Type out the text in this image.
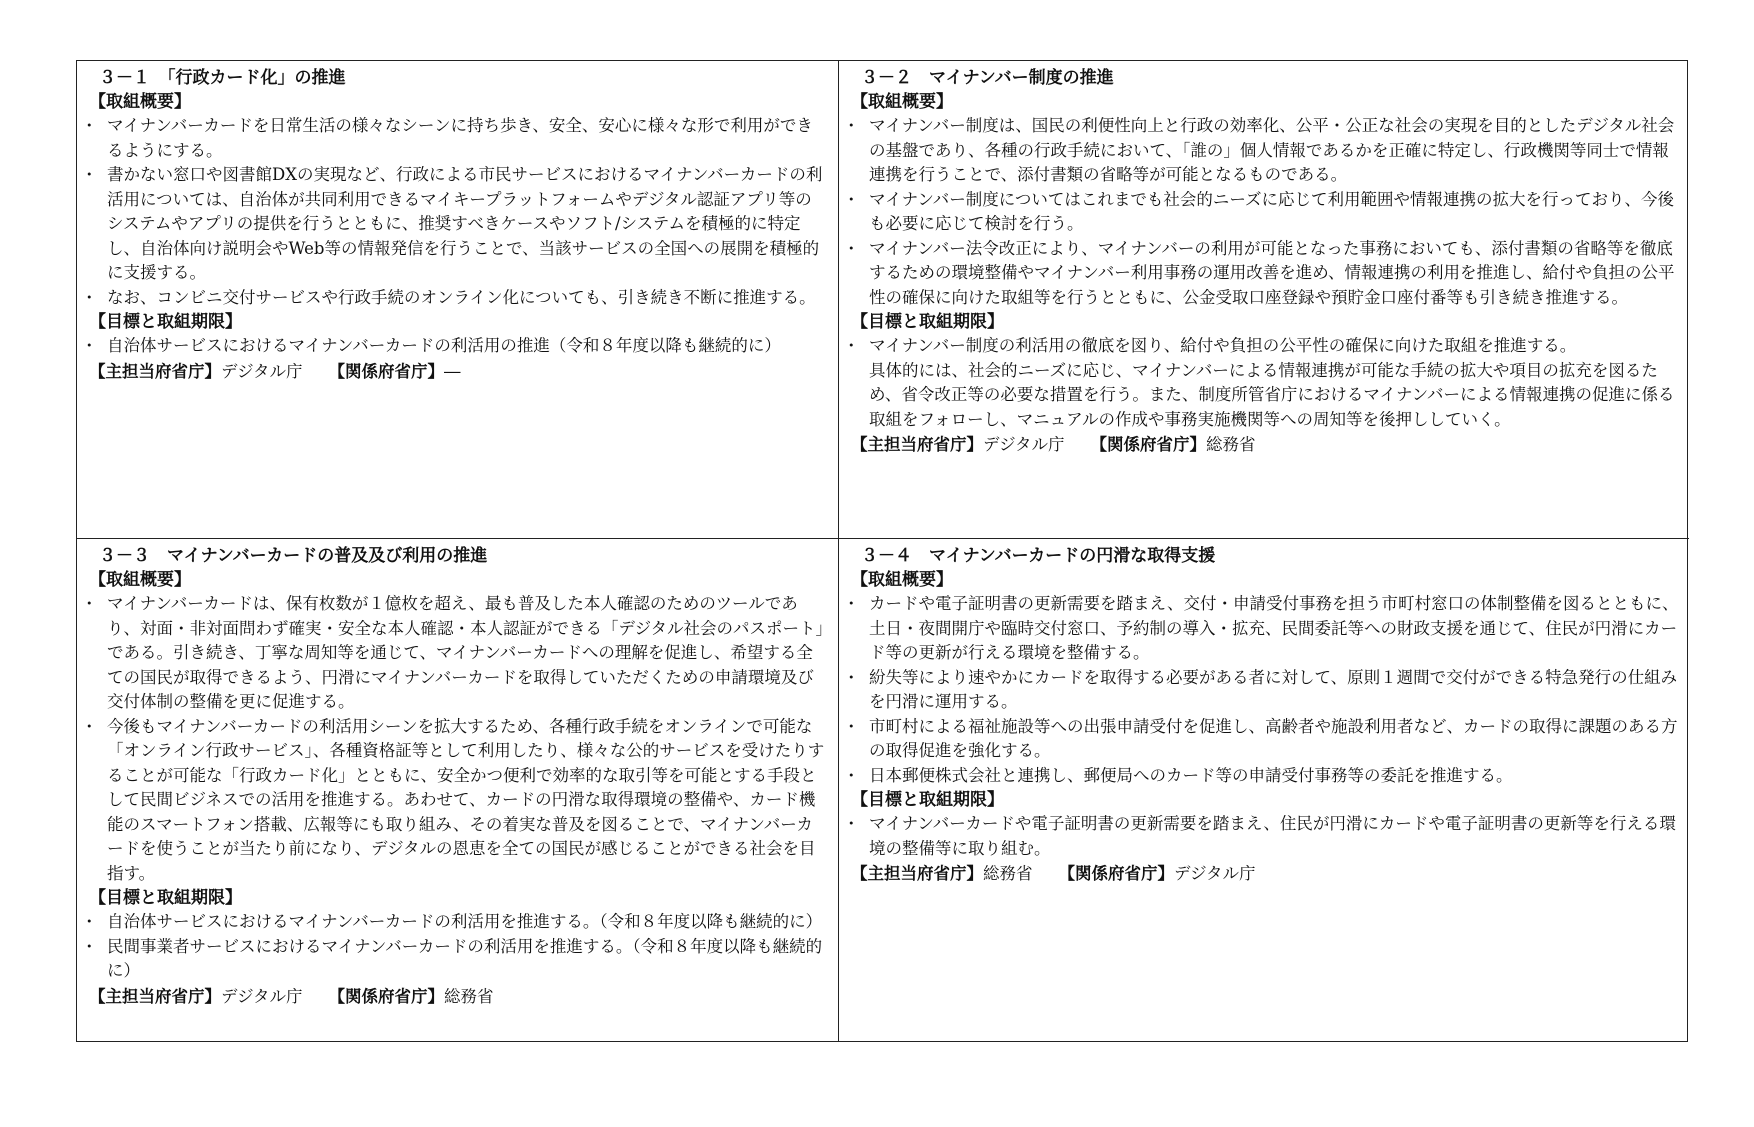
３－１　「行政カード化」の推進
【取組概要】
・ マイナンバーカードを日常生活の様々なシーンに持ち歩き、安全、安心に様々な形で利用ができるようにする。
・ 書かない窓口や図書館DXの実現など、行政による市民サービスにおけるマイナンバーカードの利活用については、自治体が共同利用できるマイキープラットフォームやデジタル認証アプリ等のシステムやアプリの提供を行うとともに、推奨すべきケースやソフト/システムを積極的に特定し、自治体向け説明会やWeb等の情報発信を行うことで、当該サービスの全国への展開を積極的に支援する。
・ なお、コンビニ交付サービスや行政手続のオンライン化についても、引き続き不断に推進する。
【目標と取組期限】
・ 自治体サービスにおけるマイナンバーカードの利活用の推進（令和８年度以降も継続的に）
【主担当府省庁】デジタル庁 【関係府省庁】―
３－２　マイナンバー制度の推進
【取組概要】
・ マイナンバー制度は、国民の利便性向上と行政の効率化、公平・公正な社会の実現を目的としたデジタル社会の基盤であり、各種の行政手続において、「誰の」個人情報であるかを正確に特定し、行政機関等同士で情報連携を行うことで、添付書類の省略等が可能となるものである。
・ マイナンバー制度についてはこれまでも社会的ニーズに応じて利用範囲や情報連携の拡大を行っており、今後も必要に応じて検討を行う。
・ マイナンバー法令改正により、マイナンバーの利用が可能となった事務においても、添付書類の省略等を徹底するための環境整備やマイナンバー利用事務の運用改善を進め、情報連携の利用を推進し、給付や負担の公平性の確保に向けた取組等を行うとともに、公金受取口座登録や預貯金口座付番等も引き続き推進する。
【目標と取組期限】
・ マイナンバー制度の利活用の徹底を図り、給付や負担の公平性の確保に向けた取組を推進する。
具体的には、社会的ニーズに応じ、マイナンバーによる情報連携が可能な手続の拡大や項目の拡充を図るため、省令改正等の必要な措置を行う。また、制度所管省庁におけるマイナンバーによる情報連携の促進に係る取組をフォローし、マニュアルの作成や事務実施機関等への周知等を後押ししていく。
【主担当府省庁】デジタル庁 【関係府省庁】総務省
３－３　マイナンバーカードの普及及び利用の推進
【取組概要】
・ マイナンバーカードは、保有枚数が１億枚を超え、最も普及した本人確認のためのツールであり、対面・非対面問わず確実・安全な本人確認・本人認証ができる「デジタル社会のパスポート」である。引き続き、丁寧な周知等を通じて、マイナンバーカードへの理解を促進し、希望する全ての国民が取得できるよう、円滑にマイナンバーカードを取得していただくための申請環境及び交付体制の整備を更に促進する。
・ 今後もマイナンバーカードの利活用シーンを拡大するため、各種行政手続をオンラインで可能な「オンライン行政サービス」、各種資格証等として利用したり、様々な公的サービスを受けたりすることが可能な「行政カード化」とともに、安全かつ便利で効率的な取引等を可能とする手段として民間ビジネスでの活用を推進する。あわせて、カードの円滑な取得環境の整備や、カード機能のスマートフォン搭載、広報等にも取り組み、その着実な普及を図ることで、マイナンバーカードを使うことが当たり前になり、デジタルの恩恵を全ての国民が感じることができる社会を目指す。
【目標と取組期限】
・ 自治体サービスにおけるマイナンバーカードの利活用を推進する。（令和８年度以降も継続的に）
・ 民間事業者サービスにおけるマイナンバーカードの利活用を推進する。（令和８年度以降も継続的に）
【主担当府省庁】デジタル庁 【関係府省庁】総務省
３－４　マイナンバーカードの円滑な取得支援
【取組概要】
・ カードや電子証明書の更新需要を踏まえ、交付・申請受付事務を担う市町村窓口の体制整備を図るとともに、土日・夜間開庁や臨時交付窓口、予約制の導入・拡充、民間委託等への財政支援を通じて、住民が円滑にカード等の更新が行える環境を整備する。
・ 紛失等により速やかにカードを取得する必要がある者に対して、原則１週間で交付ができる特急発行の仕組みを円滑に運用する。
・ 市町村による福祉施設等への出張申請受付を促進し、高齢者や施設利用者など、カードの取得に課題のある方の取得促進を強化する。
・ 日本郵便株式会社と連携し、郵便局へのカード等の申請受付事務等の委託を推進する。
【目標と取組期限】
・ マイナンバーカードや電子証明書の更新需要を踏まえ、住民が円滑にカードや電子証明書の更新等を行える環境の整備等に取り組む。
【主担当府省庁】総務省 【関係府省庁】デジタル庁
